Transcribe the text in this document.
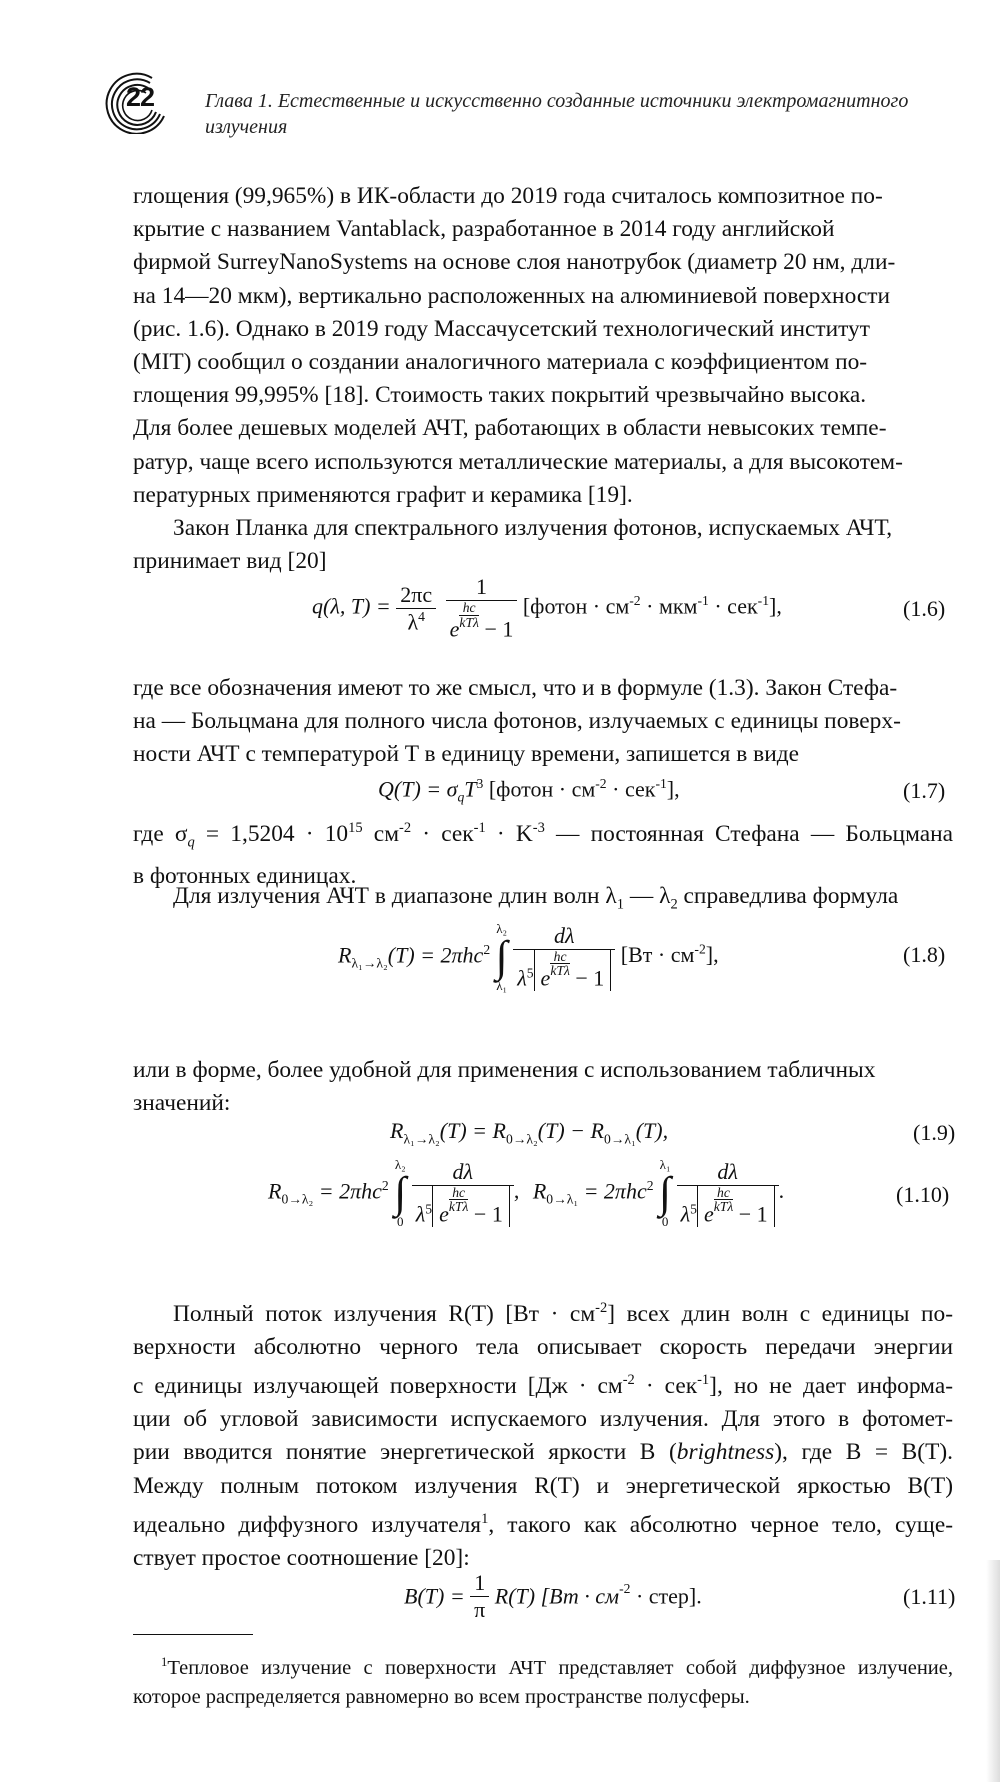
22	Глава 1. Естественные и искусственно созданные источники электромагнитного излучения
глощения (99,965%) в ИК-области до 2019 года считалось композитное по-
крытие с названием Vantablack, разработанное в 2014 году английской
фирмой SurreyNanoSystems на основе слоя нанотрубок (диаметр 20 нм, дли-
на 14—20 мкм), вертикально расположенных на алюминиевой поверхности
(рис. 1.6). Однако в 2019 году Массачусетский технологический институт
(MIT) сообщил о создании аналогичного материала с коэффициентом по-
глощения 99,995% [18]. Стоимость таких покрытий чрезвычайно высока.
Для более дешевых моделей АЧТ, работающих в области невысоких темпе-
ратур, чаще всего используются металлические материалы, а для высокотем-
пературных применяются графит и керамика [19].
Закон Планка для спектрального излучения фотонов, испускаемых АЧТ,
принимает вид [20]
q(λ, $T) = \frac{2\pi c}{\lambda^4}$
1
e
$^{hc kT\lambda}$ − 1 [фотон · $см^{-2} \cdot мкм^{-1} \cdot сек^{-1}$],	(1.6)
где все обозначения имеют то же смысл, что и в формуле (1.3). Закон Стефа-
на — Больцмана для полного числа фотонов, излучаемых с единицы поверх-
ности АЧТ с температурой T в единицу времени, запишется в виде
$Q(T) = \sigma_qT^3$ [фотон · $см^{-2} \cdot сек^{-1}$],	(1.7)
где $\sigma_q = 1,5204 \cdot 10^{15}$ $см^{-2} \cdot сек^{-1} \cdot K^{-3}$ — постоянная Стефана — Больцмана
в фотонных единицах.
Для излучения АЧТ в диапазоне длин волн $\lambda_1$ — $\lambda_2$ справедлива формула
$R_{\lambda_1\to\lambda_2}(T) = 2\pi hc^2$
λ₂
∫
λ₁
dλ
$\lambda^5$ e
$^{hc kT\lambda}$ − 1 $[Вт \cdot см^{-2}]$,	(1.8)
или в форме, более удобной для применения с использованием табличных
значений:
$R_{\lambda_1\to\lambda_2}(T) = R_{0\to\lambda_2}(T) - R_{0\to\lambda_1}(T)$,	(1.9)
$R_{0\to\lambda_2} = 2\pi hc^2$
λ₂
∫
0
dλ
$\lambda^5$ e
$^{hc kT\lambda}$ − 1 , $R_{0\to\lambda_1} = 2\pi hc^2$
λ₁
∫
0
dλ
$\lambda^5$ e
$^{hc kT\lambda}$ − 1 .	(1.10)
Полный поток излучения R(T) $[Вт \cdot см^{-2}]$ всех длин волн с единицы по-
верхности абсолютно черного тела описывает скорость передачи энергии
с единицы излучающей поверхности $[Дж \cdot см^{-2} \cdot сек^{-1}]$, но не дает информа-
ции об угловой зависимости испускаемого излучения. Для этого в фотомет-
рии вводится понятие энергетической яркости B (brightness), где B = B(T).
Между полным потоком излучения R(T) и энергетической яркостью B(T)
идеально диффузного излучателя$^1$, такого как абсолютно черное тело, суще-
ствует простое соотношение [20]:
$B(T) = \frac{1}{\pi} R(T) [Вт \cdot см^{-2}$ · стер].	(1.11)
$^1$Тепловое излучение с поверхности АЧТ представляет собой диффузное излучение, которое распределяется равномерно во всем пространстве полусферы.
